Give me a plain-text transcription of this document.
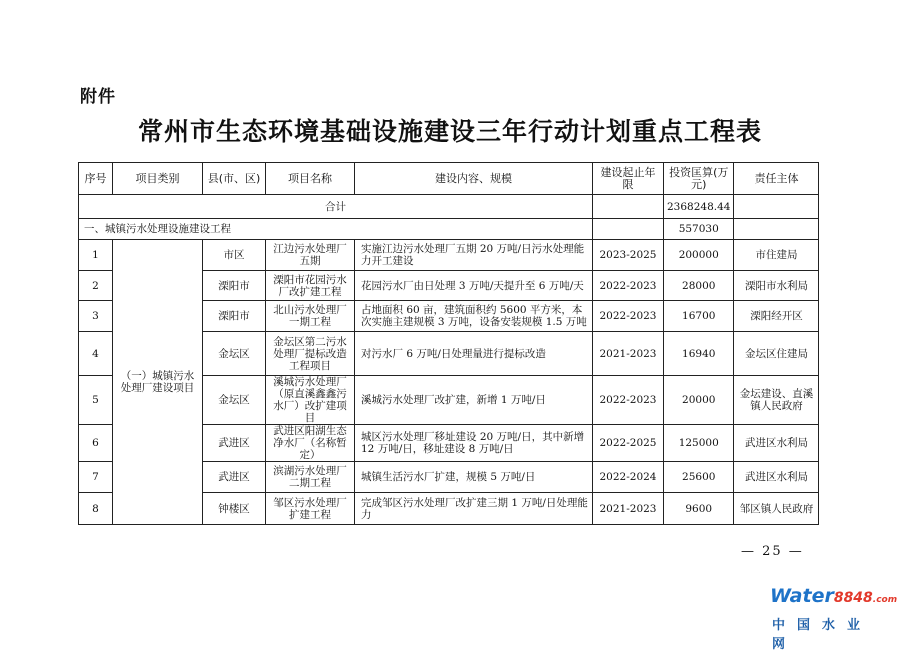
附件
常州市生态环境基础设施建设三年行动计划重点工程表
序号	项目类别	县(市、区)	项目名称	建设内容、规模	建设起止年限	投资匡算(万元)	责任主体
合计						2368248.44	
一、城镇污水处理设施建设工程						557030	
1	（一）城镇污水处理厂建设项目	市区	江边污水处理厂五期	实施江边污水处理厂五期 20 万吨/日污水处理能力开工建设	2023-2025	200000	市住建局
2		溧阳市	溧阳市花园污水厂改扩建工程	花园污水厂由日处理 3 万吨/天提升至 6 万吨/天	2022-2023	28000	溧阳市水利局
3		溧阳市	北山污水处理厂一期工程	占地面积 60 亩，建筑面积约 5600 平方米，本次实施主建规模 3 万吨，设备安装规模 1.5 万吨	2022-2023	16700	溧阳经开区
4		金坛区	金坛区第二污水处理厂提标改造工程项目	对污水厂 6 万吨/日处理量进行提标改造	2021-2023	16940	金坛区住建局
5		金坛区	溪城污水处理厂（原直溪鑫鑫污水厂）改扩建项目	溪城污水处理厂改扩建，新增 1 万吨/日	2022-2023	20000	金坛建设、直溪镇人民政府
6		武进区	武进区阳湖生态净水厂（名称暂定）	城区污水处理厂移址建设 20 万吨/日，其中新增 12 万吨/日，移址建设 8 万吨/日	2022-2025	125000	武进区水利局
7		武进区	滨湖污水处理厂二期工程	城镇生活污水厂扩建，规模 5 万吨/日	2022-2024	25600	武进区水利局
8		钟楼区	邹区污水处理厂扩建工程	完成邹区污水处理厂改扩建三期 1 万吨/日处理能力	2021-2023	9600	邹区镇人民政府
— 25 —
Water8848.com
中国水业网
